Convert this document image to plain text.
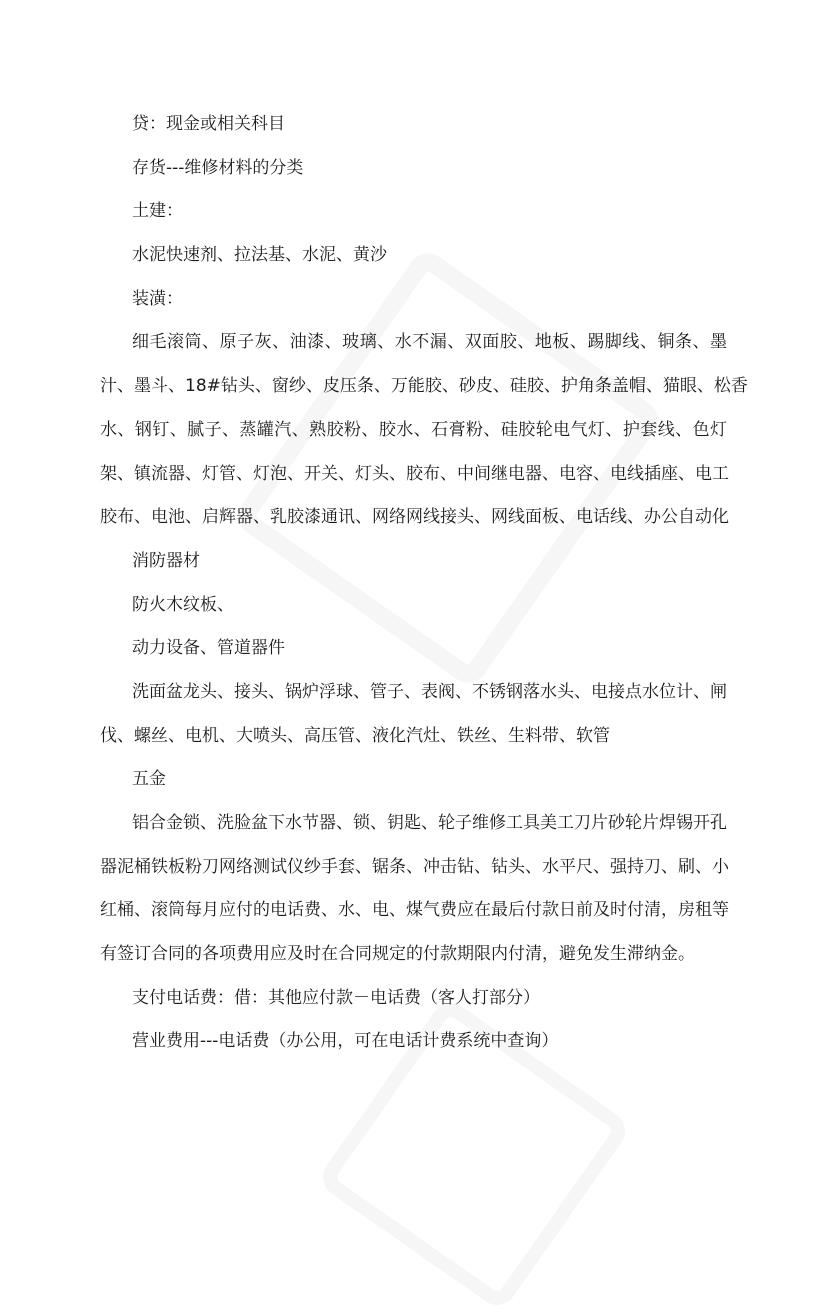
贷：现金或相关科目
存货---维修材料的分类
土建：
水泥快速剂、拉法基、水泥、黄沙
装潢：
细毛滚筒、原子灰、油漆、玻璃、水不漏、双面胶、地板、踢脚线、铜条、墨
汁、墨斗、18#钻头、窗纱、皮压条、万能胶、砂皮、硅胶、护角条盖帽、猫眼、松香
水、钢钉、腻子、蒸罐汽、熟胶粉、胶水、石膏粉、硅胶轮电气灯、护套线、色灯
架、镇流器、灯管、灯泡、开关、灯头、胶布、中间继电器、电容、电线插座、电工
胶布、电池、启辉器、乳胶漆通讯、网络网线接头、网线面板、电话线、办公自动化
消防器材
防火木纹板、
动力设备、管道器件
洗面盆龙头、接头、锅炉浮球、管子、表阀、不锈钢落水头、电接点水位计、闸
伐、螺丝、电机、大喷头、高压管、液化汽灶、铁丝、生料带、软管
五金
铝合金锁、洗脸盆下水节器、锁、钥匙、轮子维修工具美工刀片砂轮片焊锡开孔
器泥桶铁板粉刀网络测试仪纱手套、锯条、冲击钻、钻头、水平尺、强持刀、刷、小
红桶、滚筒每月应付的电话费、水、电、煤气费应在最后付款日前及时付清，房租等
有签订合同的各项费用应及时在合同规定的付款期限内付清，避免发生滞纳金。
支付电话费：借：其他应付款－电话费（客人打部分）
营业费用---电话费（办公用，可在电话计费系统中查询）
